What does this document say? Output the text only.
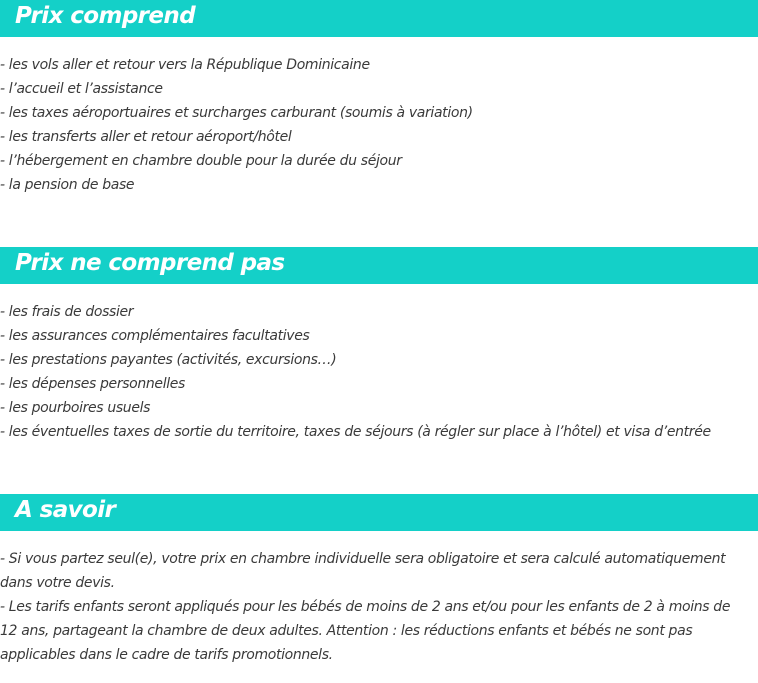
Prix comprend
- les vols aller et retour vers la République Dominicaine
- l’accueil et l’assistance
- les taxes aéroportuaires et surcharges carburant (soumis à variation)
- les transferts aller et retour aéroport/hôtel
- l’hébergement en chambre double pour la durée du séjour
- la pension de base
Prix ne comprend pas
- les frais de dossier
- les assurances complémentaires facultatives
- les prestations payantes (activités, excursions…)
- les dépenses personnelles
- les pourboires usuels
- les éventuelles taxes de sortie du territoire, taxes de séjours (à régler sur place à l’hôtel) et visa d’entrée
A savoir

- Si vous partez seul(e), votre prix en chambre individuelle sera obligatoire et sera calculé automatiquement dans votre devis.

- Les tarifs enfants seront appliqués pour les bébés de moins de 2 ans et/ou pour les enfants de 2 à moins de 12 ans, partageant la chambre de deux adultes. Attention : les réductions enfants et bébés ne sont pas applicables dans le cadre de tarifs promotionnels.
